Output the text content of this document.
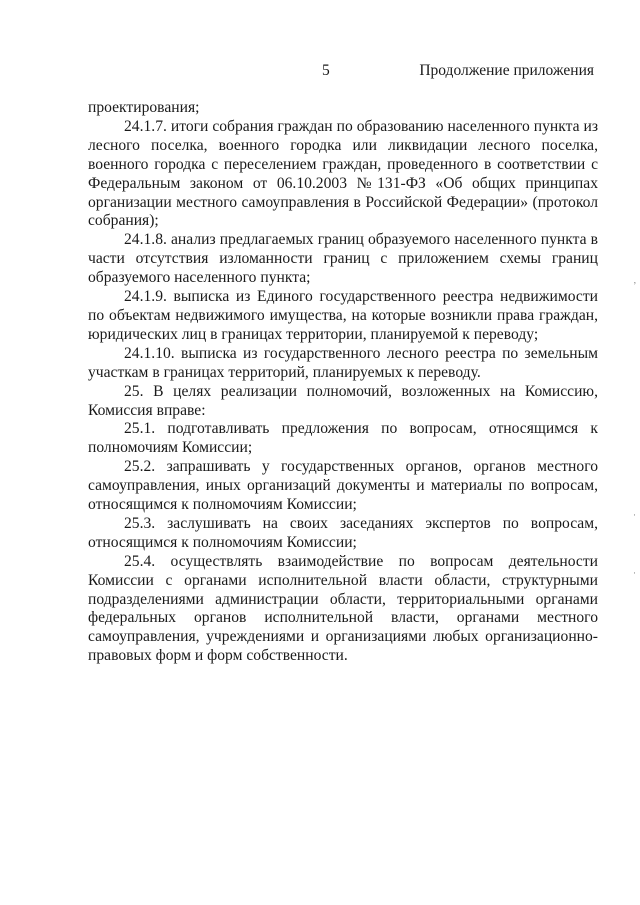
5	Продолжение приложения

проектирования;

24.1.7. итоги собрания граждан по образованию населенного пункта из лесного поселка, военного городка или ликвидации лесного поселка, военного городка с переселением граждан, проведенного в соответствии с Федеральным законом от 06.10.2003 №131-ФЗ «Об общих принципах организации местного самоуправления в Российской Федерации» (протокол собрания);

24.1.8. анализ предлагаемых границ образуемого населенного пункта в части отсутствия изломанности границ с приложением схемы границ образуемого населенного пункта;

24.1.9. выписка из Единого государственного реестра недвижимости по объектам недвижимого имущества, на которые возникли права граждан, юридических лиц в границах территории, планируемой к переводу;

24.1.10. выписка из государственного лесного реестра по земельным участкам в границах территорий, планируемых к переводу.

25. В целях реализации полномочий, возложенных на Комиссию, Комиссия вправе:

25.1. подготавливать предложения по вопросам, относящимся к полномочиям Комиссии;

25.2. запрашивать у государственных органов, органов местного самоуправления, иных организаций документы и материалы по вопросам, относящимся к полномочиям Комиссии;

25.3. заслушивать на своих заседаниях экспертов по вопросам, относящимся к полномочиям Комиссии;

25.4. осуществлять взаимодействие по вопросам деятельности Комиссии с органами исполнительной власти области, структурными подразделениями администрации области, территориальными органами федеральных органов исполнительной власти, органами местного самоуправления, учреждениями и организациями любых организационно-правовых форм и форм собственности.

,
·
·
